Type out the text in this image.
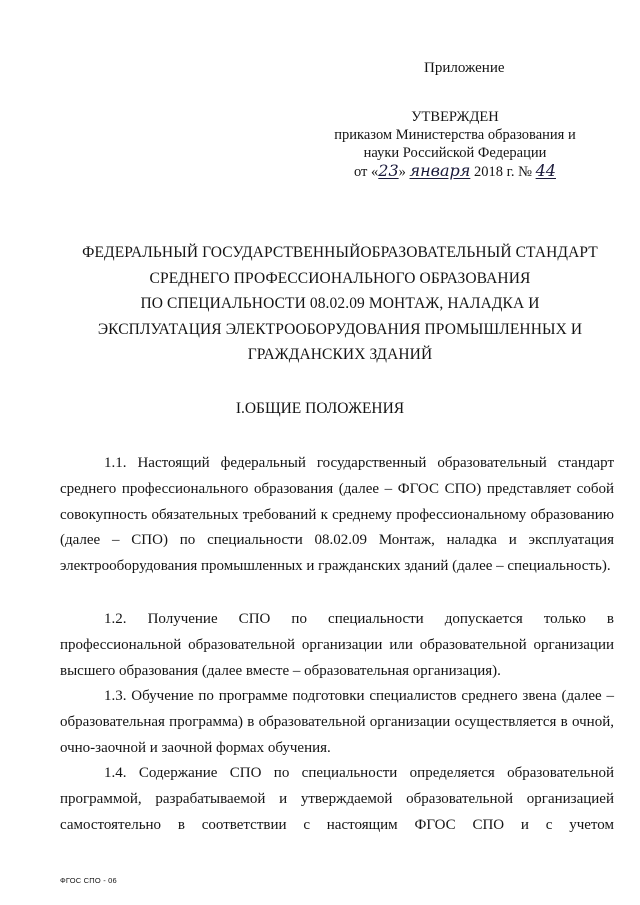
Приложение
УТВЕРЖДЕН
приказом Министерства образования и
науки Российской Федерации
от «23» января 2018 г. № 44
ФЕДЕРАЛЬНЫЙ ГОСУДАРСТВЕННЫЙОБРАЗОВАТЕЛЬНЫЙ СТАНДАРТ
СРЕДНЕГО ПРОФЕССИОНАЛЬНОГО ОБРАЗОВАНИЯ
ПО СПЕЦИАЛЬНОСТИ 08.02.09 МОНТАЖ, НАЛАДКА И
ЭКСПЛУАТАЦИЯ ЭЛЕКТРООБОРУДОВАНИЯ ПРОМЫШЛЕННЫХ И
ГРАЖДАНСКИХ ЗДАНИЙ
I.ОБЩИЕ ПОЛОЖЕНИЯ
1.1. Настоящий федеральный государственный образовательный стандарт среднего профессионального образования (далее – ФГОС СПО) представляет собой совокупность обязательных требований к среднему профессиональному образованию (далее – СПО) по специальности 08.02.09 Монтаж, наладка и эксплуатация электрооборудования промышленных и гражданских зданий (далее – специальность).
1.2. Получение СПО по специальности допускается только в профессиональной образовательной организации или образовательной организации высшего образования (далее вместе – образовательная организация).
1.3. Обучение по программе подготовки специалистов среднего звена (далее – образовательная программа) в образовательной организации осуществляется в очной, очно-заочной и заочной формах обучения.
1.4. Содержание СПО по специальности определяется образовательной программой, разрабатываемой и утверждаемой образовательной организацией самостоятельно в соответствии с настоящим ФГОС СПО и с учетом
ФГОС СПО - 06
